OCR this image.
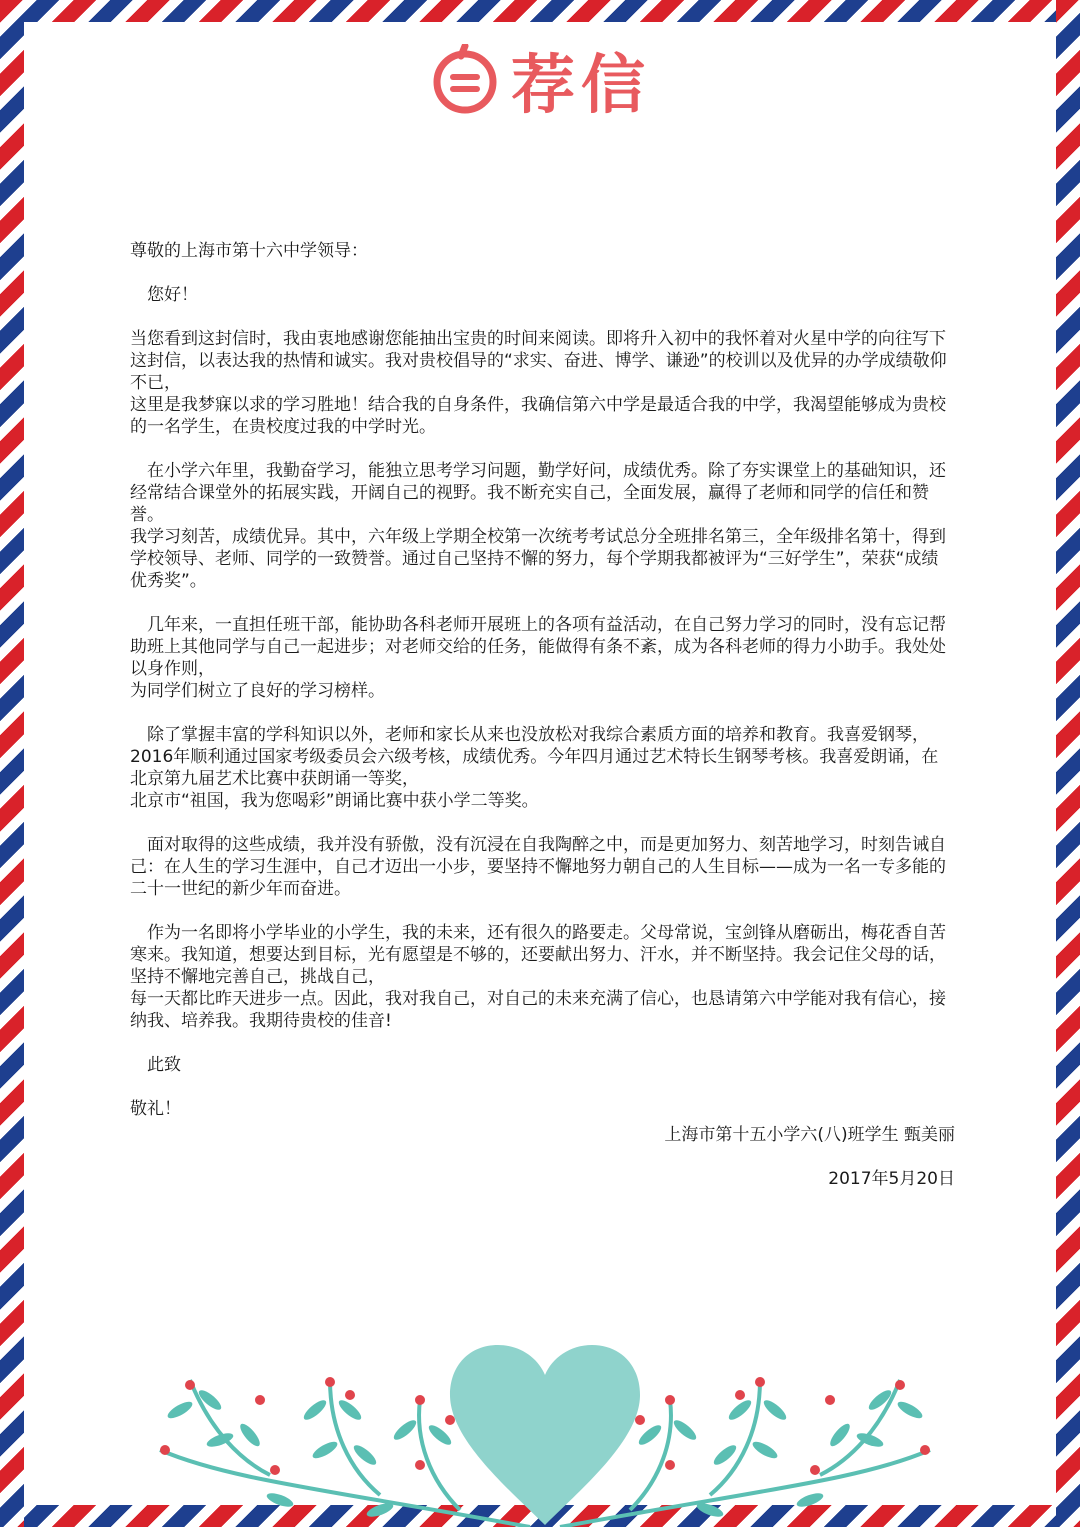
荐信

尊敬的上海市第十六中学领导：

您好！

当您看到这封信时，我由衷地感谢您能抽出宝贵的时间来阅读。即将升入初中的我怀着对火星中学的向往写下这封信，以表达我的热情和诚实。我对贵校倡导的“求实、奋进、博学、谦逊”的校训以及优异的办学成绩敬仰不已，

这里是我梦寐以求的学习胜地！结合我的自身条件，我确信第六中学是最适合我的中学，我渴望能够成为贵校的一名学生，在贵校度过我的中学时光。

在小学六年里，我勤奋学习，能独立思考学习问题，勤学好问，成绩优秀。除了夯实课堂上的基础知识，还经常结合课堂外的拓展实践，开阔自己的视野。我不断充实自己，全面发展，赢得了老师和同学的信任和赞誉。

我学习刻苦，成绩优异。其中，六年级上学期全校第一次统考考试总分全班排名第三，全年级排名第十，得到学校领导、老师、同学的一致赞誉。通过自己坚持不懈的努力，每个学期我都被评为“三好学生”，荣获“成绩优秀奖”。

几年来，一直担任班干部，能协助各科老师开展班上的各项有益活动，在自己努力学习的同时，没有忘记帮助班上其他同学与自己一起进步；对老师交给的任务，能做得有条不紊，成为各科老师的得力小助手。我处处以身作则，

为同学们树立了良好的学习榜样。

除了掌握丰富的学科知识以外，老师和家长从来也没放松对我综合素质方面的培养和教育。我喜爱钢琴，2016年顺利通过国家考级委员会六级考核，成绩优秀。今年四月通过艺术特长生钢琴考核。我喜爱朗诵，在北京第九届艺术比赛中获朗诵一等奖，

北京市“祖国，我为您喝彩”朗诵比赛中获小学二等奖。

面对取得的这些成绩，我并没有骄傲，没有沉浸在自我陶醉之中，而是更加努力、刻苦地学习，时刻告诫自己：在人生的学习生涯中，自己才迈出一小步，要坚持不懈地努力朝自己的人生目标——成为一名一专多能的二十一世纪的新少年而奋进。

作为一名即将小学毕业的小学生，我的未来，还有很久的路要走。父母常说，宝剑锋从磨砺出，梅花香自苦寒来。我知道，想要达到目标，光有愿望是不够的，还要献出努力、汗水，并不断坚持。我会记住父母的话，坚持不懈地完善自己，挑战自己，

每一天都比昨天进步一点。因此，我对我自己，对自己的未来充满了信心，也恳请第六中学能对我有信心，接纳我、培养我。我期待贵校的佳音!

此致

敬礼！

上海市第十五小学六(八)班学生 甄美丽

2017年5月20日
